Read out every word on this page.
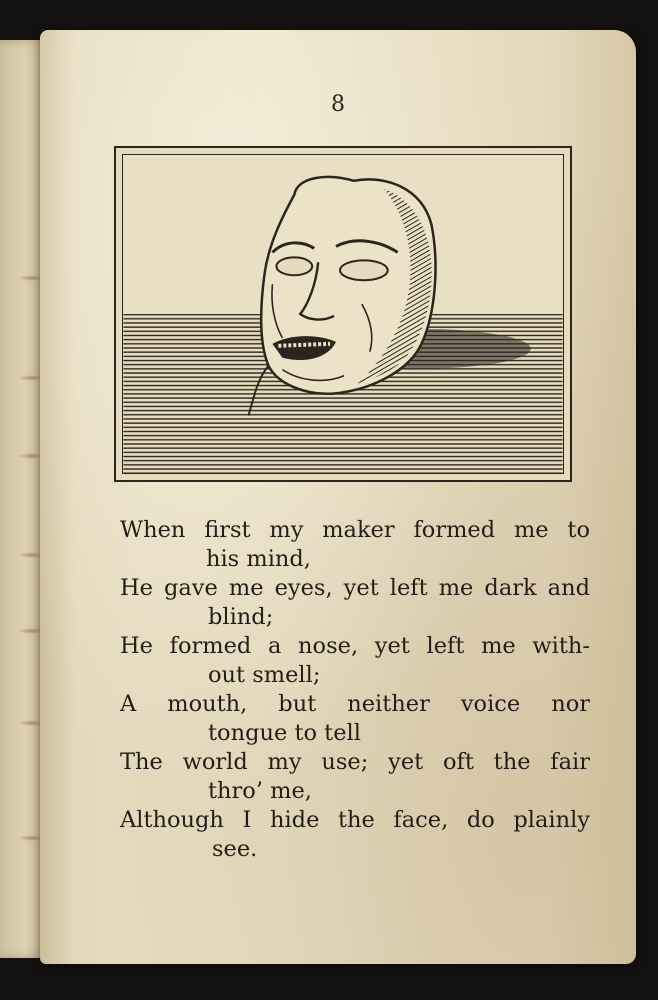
8
When first my maker formed me to
his mind,
He gave me eyes, yet left me dark and
blind;
He formed a nose, yet left me with-
out smell;
A mouth, but neither voice nor
tongue to tell
The world my use; yet oft the fair
thro’ me,
Although I hide the face, do plainly
see.
